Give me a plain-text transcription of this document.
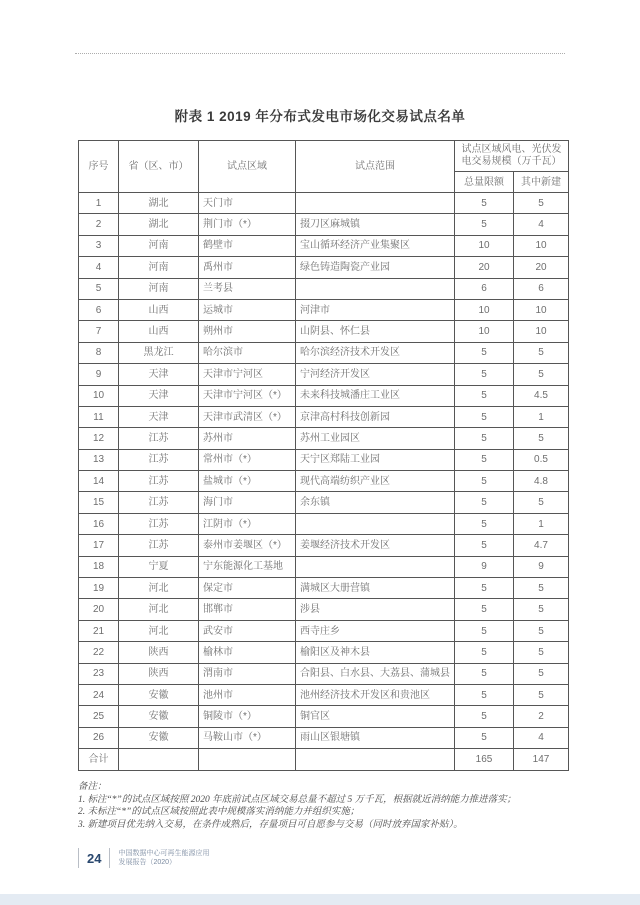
附表 1 2019 年分布式发电市场化交易试点名单
序号	省（区、市）	试点区域	试点范围	试点区域风电、光伏发电交易规模（万千瓦）	
				总量限额	其中新建
1	湖北	天门市		5	5
2	湖北	荆门市（*）	掇刀区麻城镇	5	4
3	河南	鹤壁市	宝山循环经济产业集聚区	10	10
4	河南	禹州市	绿色铸造陶瓷产业园	20	20
5	河南	兰考县		6	6
6	山西	运城市	河津市	10	10
7	山西	朔州市	山阴县、怀仁县	10	10
8	黑龙江	哈尔滨市	哈尔滨经济技术开发区	5	5
9	天津	天津市宁河区	宁河经济开发区	5	5
10	天津	天津市宁河区（*）	未来科技城潘庄工业区	5	4.5
11	天津	天津市武清区（*）	京津高村科技创新园	5	1
12	江苏	苏州市	苏州工业园区	5	5
13	江苏	常州市（*）	天宁区郑陆工业园	5	0.5
14	江苏	盐城市（*）	现代高端纺织产业区	5	4.8
15	江苏	海门市	余东镇	5	5
16	江苏	江阴市（*）		5	1
17	江苏	泰州市姜堰区（*）	姜堰经济技术开发区	5	4.7
18	宁夏	宁东能源化工基地		9	9
19	河北	保定市	满城区大册营镇	5	5
20	河北	邯郸市	涉县	5	5
21	河北	武安市	西寺庄乡	5	5
22	陕西	榆林市	榆阳区及神木县	5	5
23	陕西	渭南市	合阳县、白水县、大荔县、蒲城县	5	5
24	安徽	池州市	池州经济技术开发区和贵池区	5	5
25	安徽	铜陵市（*）	铜官区	5	2
26	安徽	马鞍山市（*）	雨山区银塘镇	5	4
合计				165	147
备注：
1. 标注“*”的试点区域按照 2020 年底前试点区域交易总量不超过 5 万千瓦，根据就近消纳能力推进落实；
2. 未标注“*”的试点区域按照此表中规模落实消纳能力并组织实施；
3. 新建项目优先纳入交易，在条件成熟后，存量项目可自愿参与交易（同时放弃国家补贴）。
24	中国数据中心可再生能源应用
发展报告（2020）
